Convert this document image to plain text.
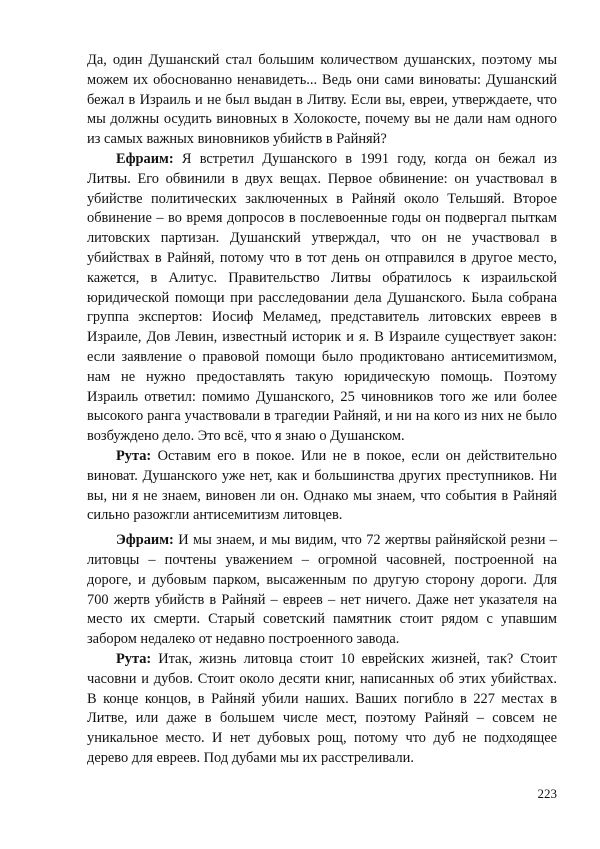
Да, один Душанский стал большим количеством душанских, поэтому мы можем их обоснованно ненавидеть... Ведь они сами виноваты: Душанский бежал в Израиль и не был выдан в Литву. Если вы, евреи, утверждаете, что мы должны осудить виновных в Холокосте, почему вы не дали нам одного из самых важных виновников убийств в Райняй?

Ефраим: Я встретил Душанского в 1991 году, когда он бежал из Литвы. Его обвинили в двух вещах. Первое обвинение: он участвовал в убийстве политических заключенных в Райняй около Тельшяй. Второе обвинение – во время допросов в послевоенные годы он подвергал пыткам литовских партизан. Душанский утверждал, что он не участвовал в убийствах в Райняй, потому что в тот день он отправился в другое место, кажется, в Алитус. Правительство Литвы обратилось к израильской юридической помощи при расследовании дела Душанского. Была собрана группа экспертов: Иосиф Меламед, представитель литовских евреев в Израиле, Дов Левин, известный историк и я. В Израиле существует закон: если заявление о правовой помощи было продиктовано антисемитизмом, нам не нужно предоставлять такую юридическую помощь. Поэтому Израиль ответил: помимо Душанского, 25 чиновников того же или более высокого ранга участвовали в трагедии Райняй, и ни на кого из них не было возбуждено дело. Это всё, что я знаю о Душанском.

Рута: Оставим его в покое. Или не в покое, если он действительно виноват. Душанского уже нет, как и большинства других преступников. Ни вы, ни я не знаем, виновен ли он. Однако мы знаем, что события в Райняй сильно разожгли антисемитизм литовцев.

Эфраим: И мы знаем, и мы видим, что 72 жертвы райняйской резни – литовцы – почтены уважением – огромной часовней, построенной на дороге, и дубовым парком, высаженным по другую сторону дороги. Для 700 жертв убийств в Райняй – евреев – нет ничего. Даже нет указателя на место их смерти. Старый советский памятник стоит рядом с упавшим забором недалеко от недавно построенного завода.

Рута: Итак, жизнь литовца стоит 10 еврейских жизней, так? Стоит часовни и дубов. Стоит около десяти книг, написанных об этих убийствах. В конце концов, в Райняй убили наших. Ваших погибло в 227 местах в Литве, или даже в большем числе мест, поэтому Райняй – совсем не уникальное место. И нет дубовых рощ, потому что дуб не подходящее дерево для евреев. Под дубами мы их расстреливали.

223
